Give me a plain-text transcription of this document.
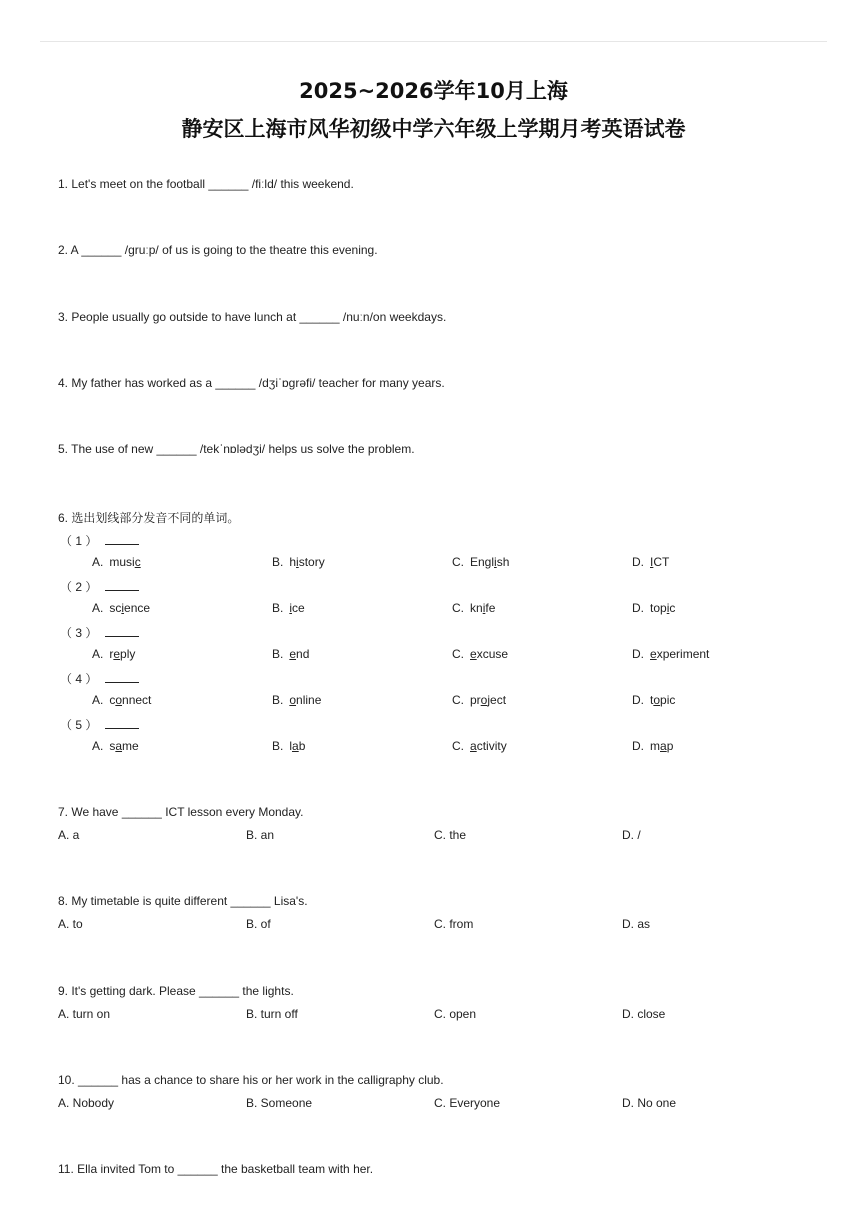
2025~2026学年10月上海
静安区上海市风华初级中学六年级上学期月考英语试卷
1. Let's meet on the football ______ /fiːld/ this weekend.
2. A ______ /ɡruːp/ of us is going to the theatre this evening.
3. People usually go outside to have lunch at ______ /nuːn/on weekdays.
4. My father has worked as a ______ /dʒiˈɒɡrəfi/ teacher for many years.
5. The use of new ______ /tekˈnɒlədʒi/ helps us solve the problem.
6. 选出划线部分发音不同的单词。
（ 1 ）
A. music	B. history	C. English	D. ICT
（ 2 ）
A. science	B. ice	C. knife	D. topic
（ 3 ）
A. reply	B. end	C. excuse	D. experiment
（ 4 ）
A. connect	B. online	C. project	D. topic
（ 5 ）
A. same	B. lab	C. activity	D. map
7. We have ______ ICT lesson every Monday.
A. a	B. an	C. the	D. /
8. My timetable is quite different ______ Lisa's.
A. to	B. of	C. from	D. as
9. It's getting dark. Please ______ the lights.
A. turn on	B. turn off	C. open	D. close
10. ______ has a chance to share his or her work in the calligraphy club.
A. Nobody	B. Someone	C. Everyone	D. No one
11. Ella invited Tom to ______ the basketball team with her.
